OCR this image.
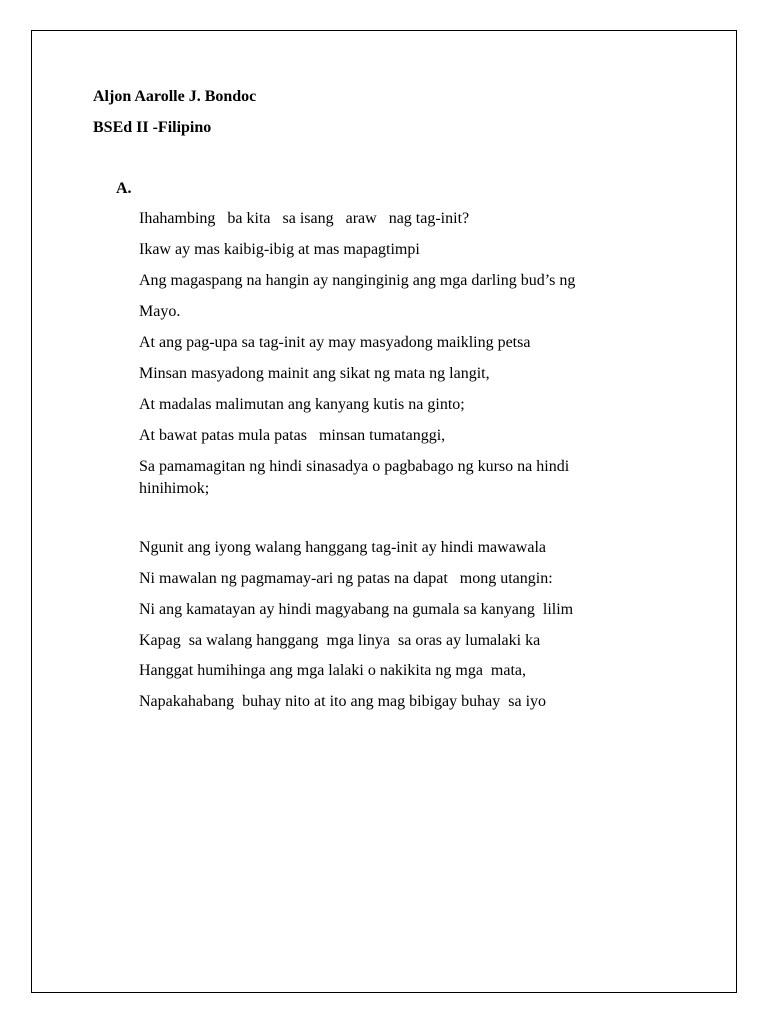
Aljon Aarolle J. Bondoc
BSEd II -Filipino
A.
Ihahambing   ba kita   sa isang   araw   nag tag-init?
Ikaw ay mas kaibig-ibig at mas mapagtimpi
Ang magaspang na hangin ay nanginginig ang mga darling bud’s ng
Mayo.
At ang pag-upa sa tag-init ay may masyadong maikling petsa
Minsan masyadong mainit ang sikat ng mata ng langit,
At madalas malimutan ang kanyang kutis na ginto;
At bawat patas mula patas   minsan tumatanggi,
Sa pamamagitan ng hindi sinasadya o pagbabago ng kurso na hindi
hinihimok;
Ngunit ang iyong walang hanggang tag-init ay hindi mawawala
Ni mawalan ng pagmamay-ari ng patas na dapat   mong utangin:
Ni ang kamatayan ay hindi magyabang na gumala sa kanyang  lilim
Kapag  sa walang hanggang  mga linya  sa oras ay lumalaki ka
Hanggat humihinga ang mga lalaki o nakikita ng mga  mata,
Napakahabang  buhay nito at ito ang mag bibigay buhay  sa iyo
